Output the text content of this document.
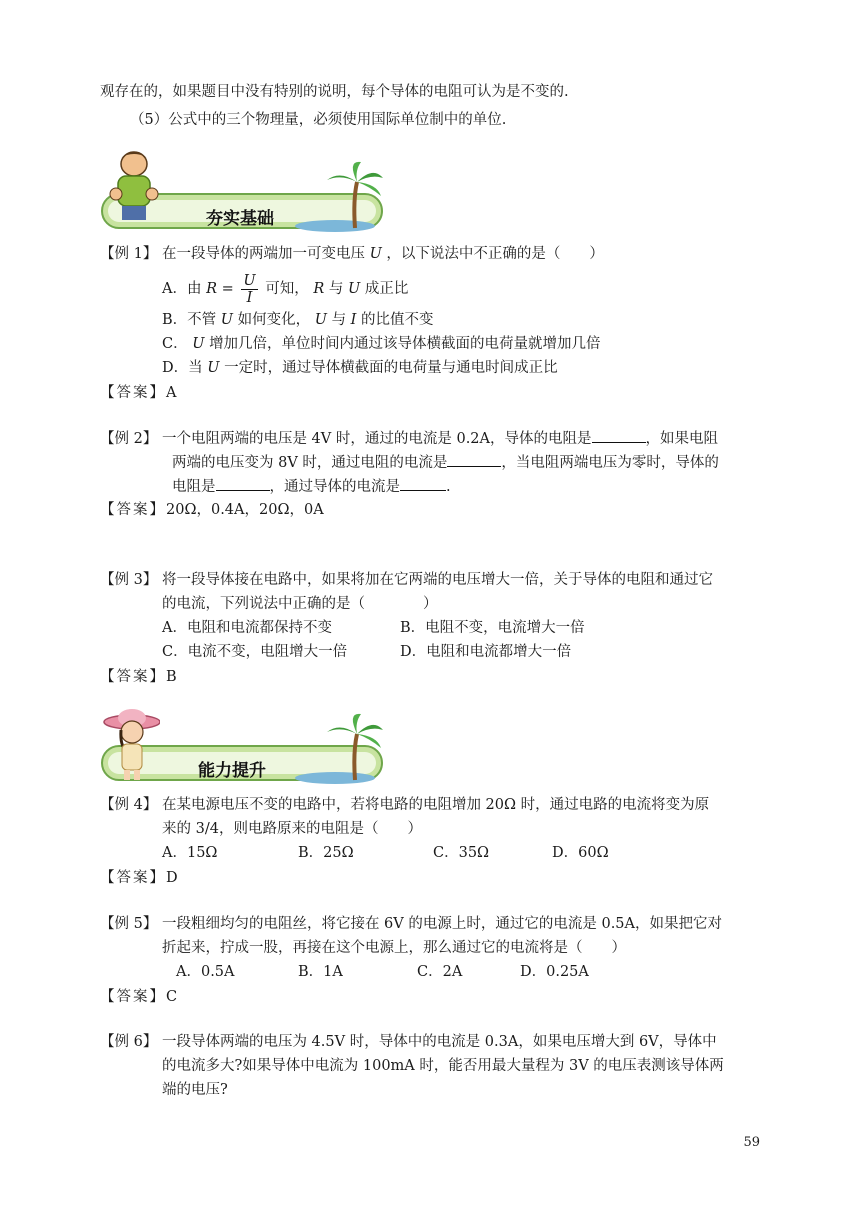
观存在的，如果题目中没有特别的说明，每个导体的电阻可认为是不变的.
（5）公式中的三个物理量，必须使用国际单位制中的单位.
夯实基础
【例 1】 在一段导体的两端加一可变电压 U ，以下说法中不正确的是（　　）
A．由 $R = \frac{U}{I}$ 可知， R 与 U 成正比
B．不管 U 如何变化， U 与 I 的比值不变
C． U 增加几倍，单位时间内通过该导体横截面的电荷量就增加几倍
D．当 U 一定时，通过导体横截面的电荷量与通电时间成正比
【答案】A
【例 2】 一个电阻两端的电压是 4V 时，通过的电流是 0.2A，导体的电阻是	，如果电阻
两端的电压变为 8V 时，通过电阻的电流是	，当电阻两端电压为零时，导体的
电阻是	，通过导体的电流是	.
【答案】20Ω，0.4A，20Ω，0A
【例 3】 将一段导体接在电路中，如果将加在它两端的电压增大一倍，关于导体的电阻和通过它
的电流，下列说法中正确的是（　　　　）
A．电阻和电流都保持不变	B．电阻不变，电流增大一倍
C．电流不变，电阻增大一倍	D．电阻和电流都增大一倍
【答案】B
能力提升
【例 4】 在某电源电压不变的电路中，若将电路的电阻增加 20Ω 时，通过电路的电流将变为原
来的 3/4，则电路原来的电阻是（　　）
A．15Ω	B．25Ω	C．35Ω	D．60Ω
【答案】D
【例 5】 一段粗细均匀的电阻丝，将它接在 6V 的电源上时，通过它的电流是 0.5A，如果把它对
折起来，拧成一股，再接在这个电源上，那么通过它的电流将是（　　）
A．0.5A	B．1A	C．2A	D．0.25A
【答案】C
【例 6】 一段导体两端的电压为 4.5V 时，导体中的电流是 0.3A，如果电压增大到 6V，导体中
的电流多大?如果导体中电流为 100mA 时，能否用最大量程为 3V 的电压表测该导体两
端的电压?
59
